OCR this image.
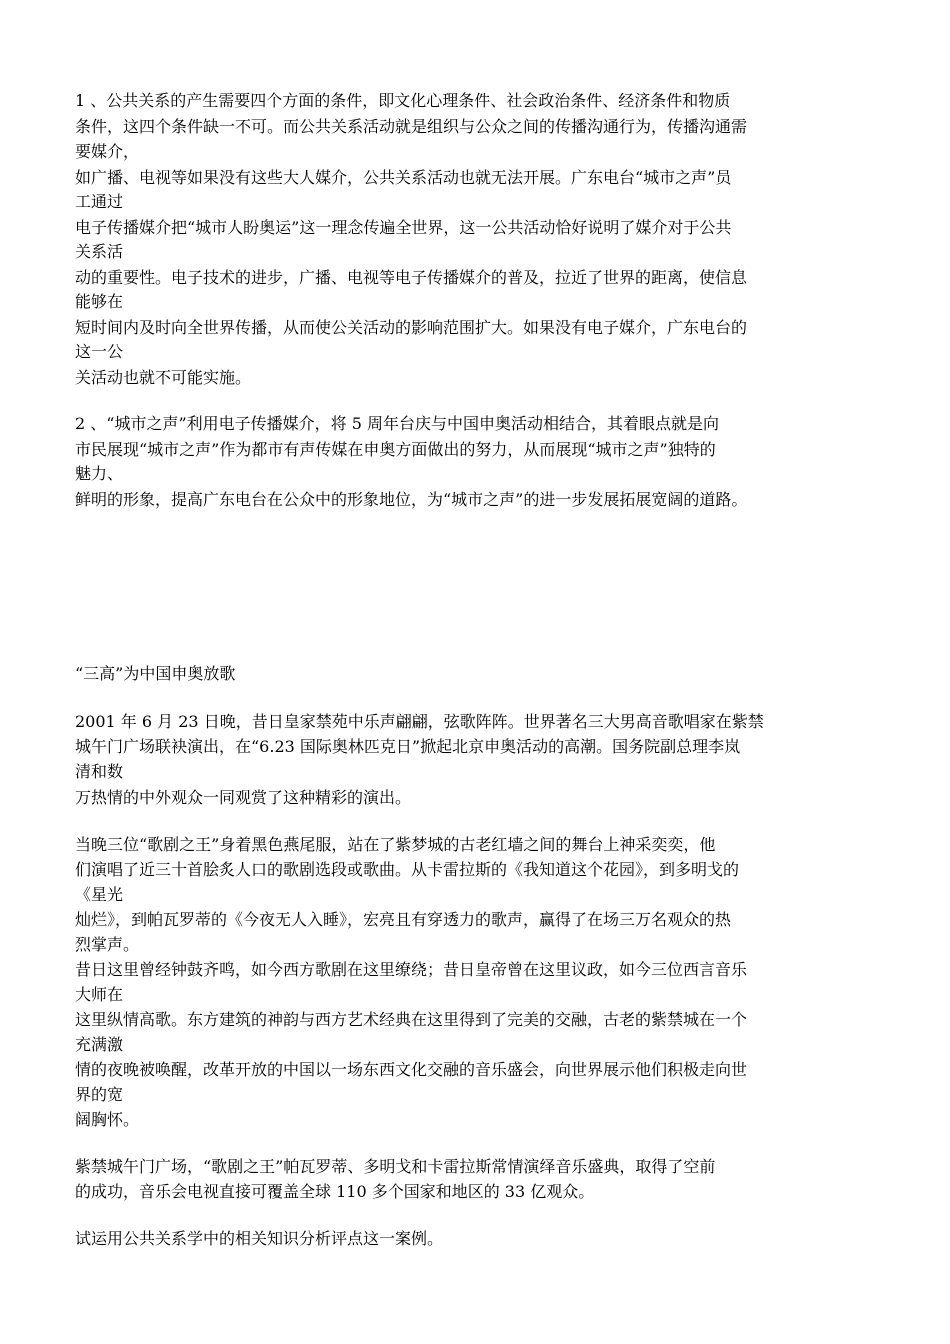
1 、公共关系的产生需要四个方面的条件，即文化心理条件、社会政治条件、经济条件和物质
条件，这四个条件缺一不可。而公共关系活动就是组织与公众之间的传播沟通行为，传播沟通需
要媒介，
如广播、电视等如果没有这些大人媒介，公共关系活动也就无法开展。广东电台“城市之声”员
工通过
电子传播媒介把“城市人盼奥运”这一理念传遍全世界，这一公共活动恰好说明了媒介对于公共
关系活
动的重要性。电子技术的进步，广播、电视等电子传播媒介的普及，拉近了世界的距离，使信息
能够在
短时间内及时向全世界传播，从而使公关活动的影响范围扩大。如果没有电子媒介，广东电台的
这一公
关活动也就不可能实施。
2 、“城市之声”利用电子传播媒介，将 5 周年台庆与中国申奥活动相结合，其着眼点就是向
市民展现“城市之声”作为都市有声传媒在申奥方面做出的努力，从而展现“城市之声”独特的
魅力、
鲜明的形象，提高广东电台在公众中的形象地位，为“城市之声”的进一步发展拓展宽阔的道路。
“三高”为中国申奥放歌
2001 年 6 月 23 日晚，昔日皇家禁苑中乐声翩翩，弦歌阵阵。世界著名三大男高音歌唱家在紫禁
城午门广场联袂演出，在“6.23 国际奥林匹克日”掀起北京申奥活动的高潮。国务院副总理李岚
清和数
万热情的中外观众一同观赏了这种精彩的演出。
当晚三位“歌剧之王”身着黑色燕尾服，站在了紫梦城的古老红墙之间的舞台上神采奕奕，他
们演唱了近三十首脍炙人口的歌剧选段或歌曲。从卡雷拉斯的《我知道这个花园》，到多明戈的
《星光
灿烂》，到帕瓦罗蒂的《今夜无人入睡》，宏亮且有穿透力的歌声，赢得了在场三万名观众的热
烈掌声。
昔日这里曾经钟鼓齐鸣，如今西方歌剧在这里缭绕；昔日皇帝曾在这里议政，如今三位西言音乐
大师在
这里纵情高歌。东方建筑的神韵与西方艺术经典在这里得到了完美的交融，古老的紫禁城在一个
充满激
情的夜晚被唤醒，改革开放的中国以一场东西文化交融的音乐盛会，向世界展示他们积极走向世
界的宽
阔胸怀。
紫禁城午门广场，“歌剧之王”帕瓦罗蒂、多明戈和卡雷拉斯常情演绎音乐盛典，取得了空前
的成功，音乐会电视直接可覆盖全球 110 多个国家和地区的 33 亿观众。
试运用公共关系学中的相关知识分析评点这一案例。
